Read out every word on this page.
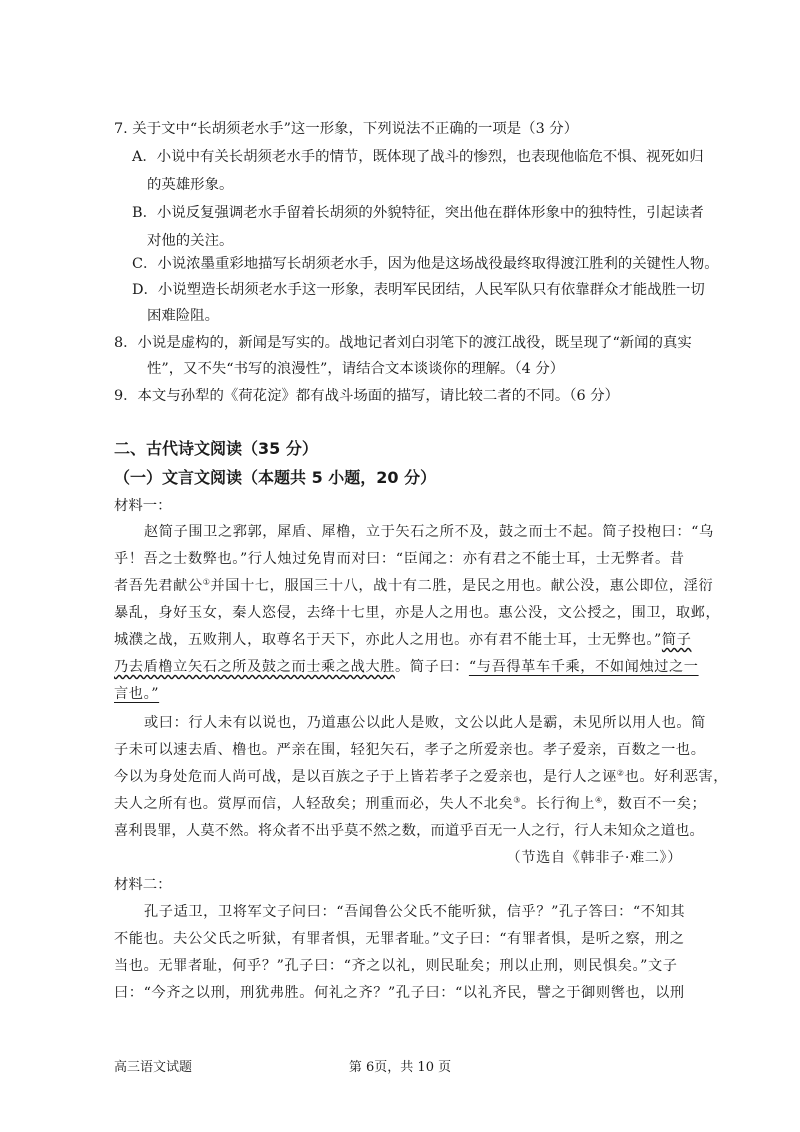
7. 关于文中“长胡须老水手”这一形象，下列说法不正确的一项是（3 分）
A．小说中有关长胡须老水手的情节，既体现了战斗的惨烈，也表现他临危不惧、视死如归
的英雄形象。
B．小说反复强调老水手留着长胡须的外貌特征，突出他在群体形象中的独特性，引起读者
对他的关注。
C．小说浓墨重彩地描写长胡须老水手，因为他是这场战役最终取得渡江胜利的关键性人物。
D．小说塑造长胡须老水手这一形象，表明军民团结，人民军队只有依靠群众才能战胜一切
困难险阻。
8．小说是虚构的，新闻是写实的。战地记者刘白羽笔下的渡江战役，既呈现了“新闻的真实
性”，又不失“书写的浪漫性”，请结合文本谈谈你的理解。（4 分）
9．本文与孙犁的《荷花淀》都有战斗场面的描写，请比较二者的不同。（6 分）
二、古代诗文阅读（35 分）
（一）文言文阅读（本题共 5 小题，20 分）
材料一：
赵简子围卫之郛郭，犀盾、犀橹，立于矢石之所不及，鼓之而士不起。简子投枹曰：“乌
乎！吾之士数弊也。”行人烛过免胄而对曰：“臣闻之：亦有君之不能士耳，士无弊者。昔
者吾先君献公①并国十七，服国三十八，战十有二胜，是民之用也。献公没，惠公即位，淫衍
暴乱，身好玉女，秦人恣侵，去绛十七里，亦是人之用也。惠公没，文公授之，围卫，取邺，
城濮之战，五败荆人，取尊名于天下，亦此人之用也。亦有君不能士耳，士无弊也。”简子
乃去盾橹立矢石之所及鼓之而士乘之战大胜。简子曰：“与吾得革车千乘，不如闻烛过之一
言也。”
或曰：行人未有以说也，乃道惠公以此人是败，文公以此人是霸，未见所以用人也。简
子未可以速去盾、橹也。严亲在围，轻犯矢石，孝子之所爱亲也。孝子爱亲，百数之一也。
今以为身处危而人尚可战，是以百族之子于上皆若孝子之爱亲也，是行人之诬②也。好利恶害，
夫人之所有也。赏厚而信，人轻敌矣；刑重而必，失人不北矣③。长行徇上④，数百不一矣；
喜利畏罪，人莫不然。将众者不出乎莫不然之数，而道乎百无一人之行，行人未知众之道也。
（节选自《韩非子·难二》）
材料二：
孔子适卫，卫将军文子问曰：“吾闻鲁公父氏不能听狱，信乎？”孔子答曰：“不知其
不能也。夫公父氏之听狱，有罪者惧，无罪者耻。”文子曰：“有罪者惧，是听之察，刑之
当也。无罪者耻，何乎？”孔子曰：“齐之以礼，则民耻矣；刑以止刑，则民惧矣。”文子
曰：“今齐之以刑，刑犹弗胜。何礼之齐？”孔子曰：“以礼齐民，譬之于御则辔也，以刑
高三语文试题	第 6页，共 10 页
